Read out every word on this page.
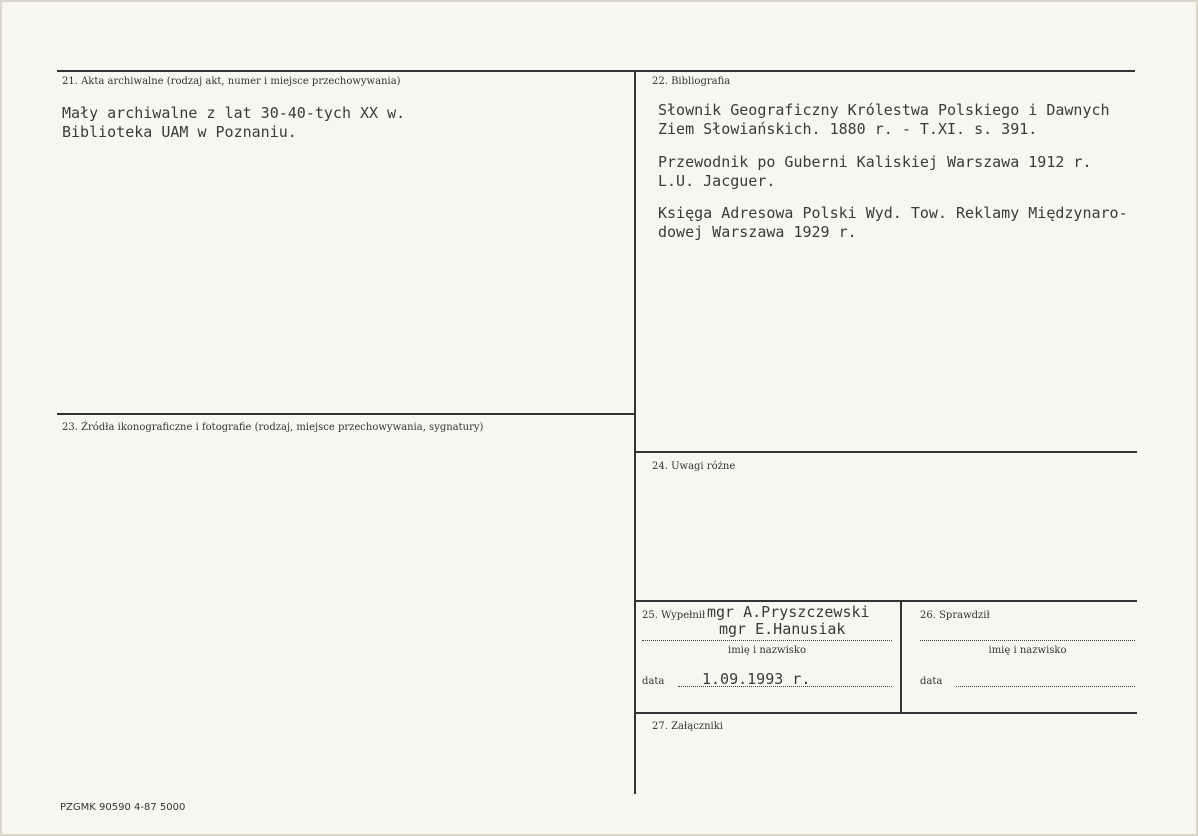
21. Akta archiwalne (rodzaj akt, numer i miejsce przechowywania)
Mały archiwalne z lat 30-40-tych XX w.
Biblioteka UAM w Poznaniu.
22. Bibliografia
Słownik Geograficzny Królestwa Polskiego i Dawnych
Ziem Słowiańskich. 1880 r. - T.XI. s. 391.
Przewodnik po Guberni Kaliskiej Warszawa 1912 r.
L.U. Jacguer.
Księga Adresowa Polski Wyd. Tow. Reklamy Międzynaro-
dowej Warszawa 1929 r.
23. Źródła ikonograficzne i fotografie (rodzaj, miejsce przechowywania, sygnatury)
24. Uwagi różne
25. Wypełnił mgr A.Pryszczewski
mgr E.Hanusiak
imię i nazwisko
data	1.09.1993 r.
26. Sprawdził
imię i nazwisko
data
27. Załączniki
PZGMK 90590 4-87 5000
